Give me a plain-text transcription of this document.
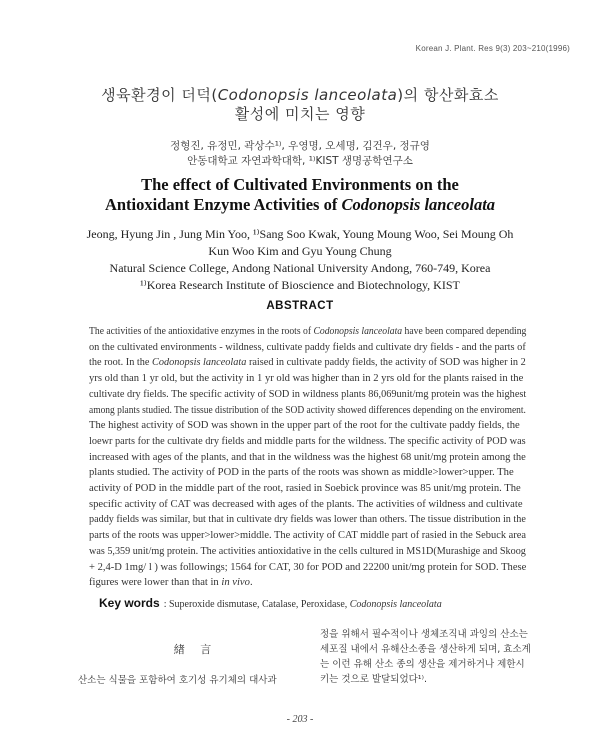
Korean J. Plant. Res 9(3) 203~210(1996)
생육환경이 더덕(Codonopsis lanceolata)의 항산화효소
활성에 미치는 영향
정형진, 유정민, 곽상수¹⁾, 우영명, 오세명, 김건우, 정규영
안동대학교 자연과학대학, ¹⁾KIST 생명공학연구소
The effect of Cultivated Environments on the
Antioxidant Enzyme Activities of Codonopsis lanceolata
Jeong, Hyung Jin , Jung Min Yoo, ¹⁾Sang Soo Kwak, Young Moung Woo, Sei Moung Oh
Kun Woo Kim and Gyu Young Chung
Natural Science College, Andong National University Andong, 760-749, Korea
¹⁾Korea Research Institute of Bioscience and Biotechnology, KIST
ABSTRACT
The activities of the antioxidative enzymes in the roots of Codonopsis lanceolata have been compared depending
on the cultivated environments - wildness, cultivate paddy fields and cultivate dry fields - and the parts of
the root. In the Codonopsis lanceolata raised in cultivate paddy fields, the activity of SOD was higher in 2
yrs old than 1 yr old, but the activity in 1 yr old was higher than in 2 yrs old for the plants raised in the
cultivate dry fields. The specific activity of SOD in wildness plants 86,069unit/mg protein was the highest
among plants studied. The tissue distribution of the SOD activity showed differences depending on the enviroment.
The highest activity of SOD was shown in the upper part of the root for the cultivate paddy fields, the
loewr parts for the cultivate dry fields and middle parts for the wildness. The specific activity of POD was
increased with ages of the plants, and that in the wildness was the highest 68 unit/mg protein among the
plants studied. The activity of POD in the parts of the roots was shown as middle>lower>upper. The
activity of POD in the middle part of the root, rasied in Soebick province was 85 unit/mg protein. The
specific activity of CAT was decreased with ages of the plants. The activities of wildness and cultivate
paddy fields was similar, but that in cultivate dry fields was lower than others. The tissue distribution in the
parts of the roots was upper>lower>middle. The activity of CAT middle part of rasied in the Sebuck area
was 5,359 unit/mg protein. The activities antioxidative in the cells cultured in MS1D(Murashige and Skoog
+ 2,4-D 1mg/ l ) was followings; 1564 for CAT, 30 for POD and 22200 unit/mg protein for SOD. These
figures were lower than that in in vivo.
Key words : Superoxide dismutase, Catalase, Peroxidase, Codonopsis lanceolata
緖 言
산소는 식물을 포함하여 호기성 유기체의 대사과
정을 위해서 필수적이나 생체조직내 과잉의 산소는
세포질 내에서 유해산소종을 생산하게 되며, 효소계
는 이런 유해 산소 종의 생산을 제거하거나 제한시
키는 것으로 발달되었다¹⁾.
- 203 -
